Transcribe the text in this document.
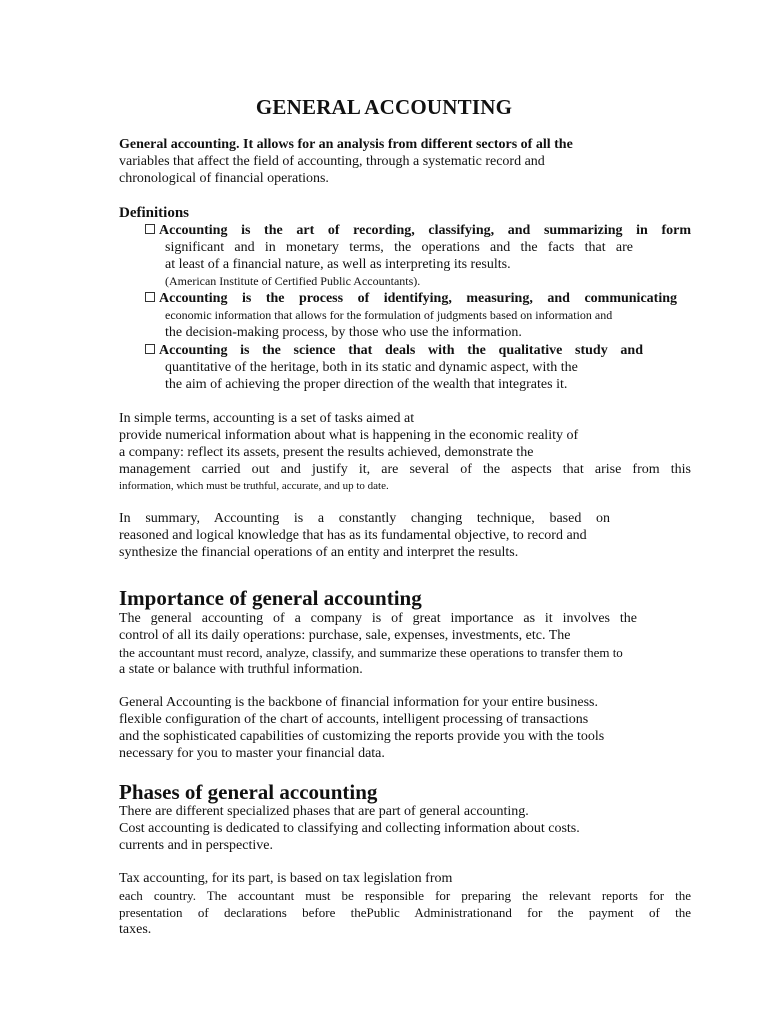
GENERAL ACCOUNTING
General accounting. It allows for an analysis from different sectors of all the
variables that affect the field of accounting, through a systematic record and
chronological of financial operations.
Definitions
Accounting is the art of recording, classifying, and summarizing in form
significant and in monetary terms, the operations and the facts that are
at least of a financial nature, as well as interpreting its results.
(American Institute of Certified Public Accountants).
Accounting is the process of identifying, measuring, and communicating
economic information that allows for the formulation of judgments based on information and
the decision-making process, by those who use the information.
Accounting is the science that deals with the qualitative study and
quantitative of the heritage, both in its static and dynamic aspect, with the
the aim of achieving the proper direction of the wealth that integrates it.
In simple terms, accounting is a set of tasks aimed at
provide numerical information about what is happening in the economic reality of
a company: reflect its assets, present the results achieved, demonstrate the
management carried out and justify it, are several of the aspects that arise from this
information, which must be truthful, accurate, and up to date.
In summary, Accounting is a constantly changing technique, based on
reasoned and logical knowledge that has as its fundamental objective, to record and
synthesize the financial operations of an entity and interpret the results.
Importance of general accounting
The general accounting of a company is of great importance as it involves the
control of all its daily operations: purchase, sale, expenses, investments, etc. The
the accountant must record, analyze, classify, and summarize these operations to transfer them to
a state or balance with truthful information.
General Accounting is the backbone of financial information for your entire business.
flexible configuration of the chart of accounts, intelligent processing of transactions
and the sophisticated capabilities of customizing the reports provide you with the tools
necessary for you to master your financial data.
Phases of general accounting
There are different specialized phases that are part of general accounting.
Cost accounting is dedicated to classifying and collecting information about costs.
currents and in perspective.
Tax accounting, for its part, is based on tax legislation from
each country. The accountant must be responsible for preparing the relevant reports for the
presentation of declarations before thePublic Administrationand for the payment of the
taxes.
